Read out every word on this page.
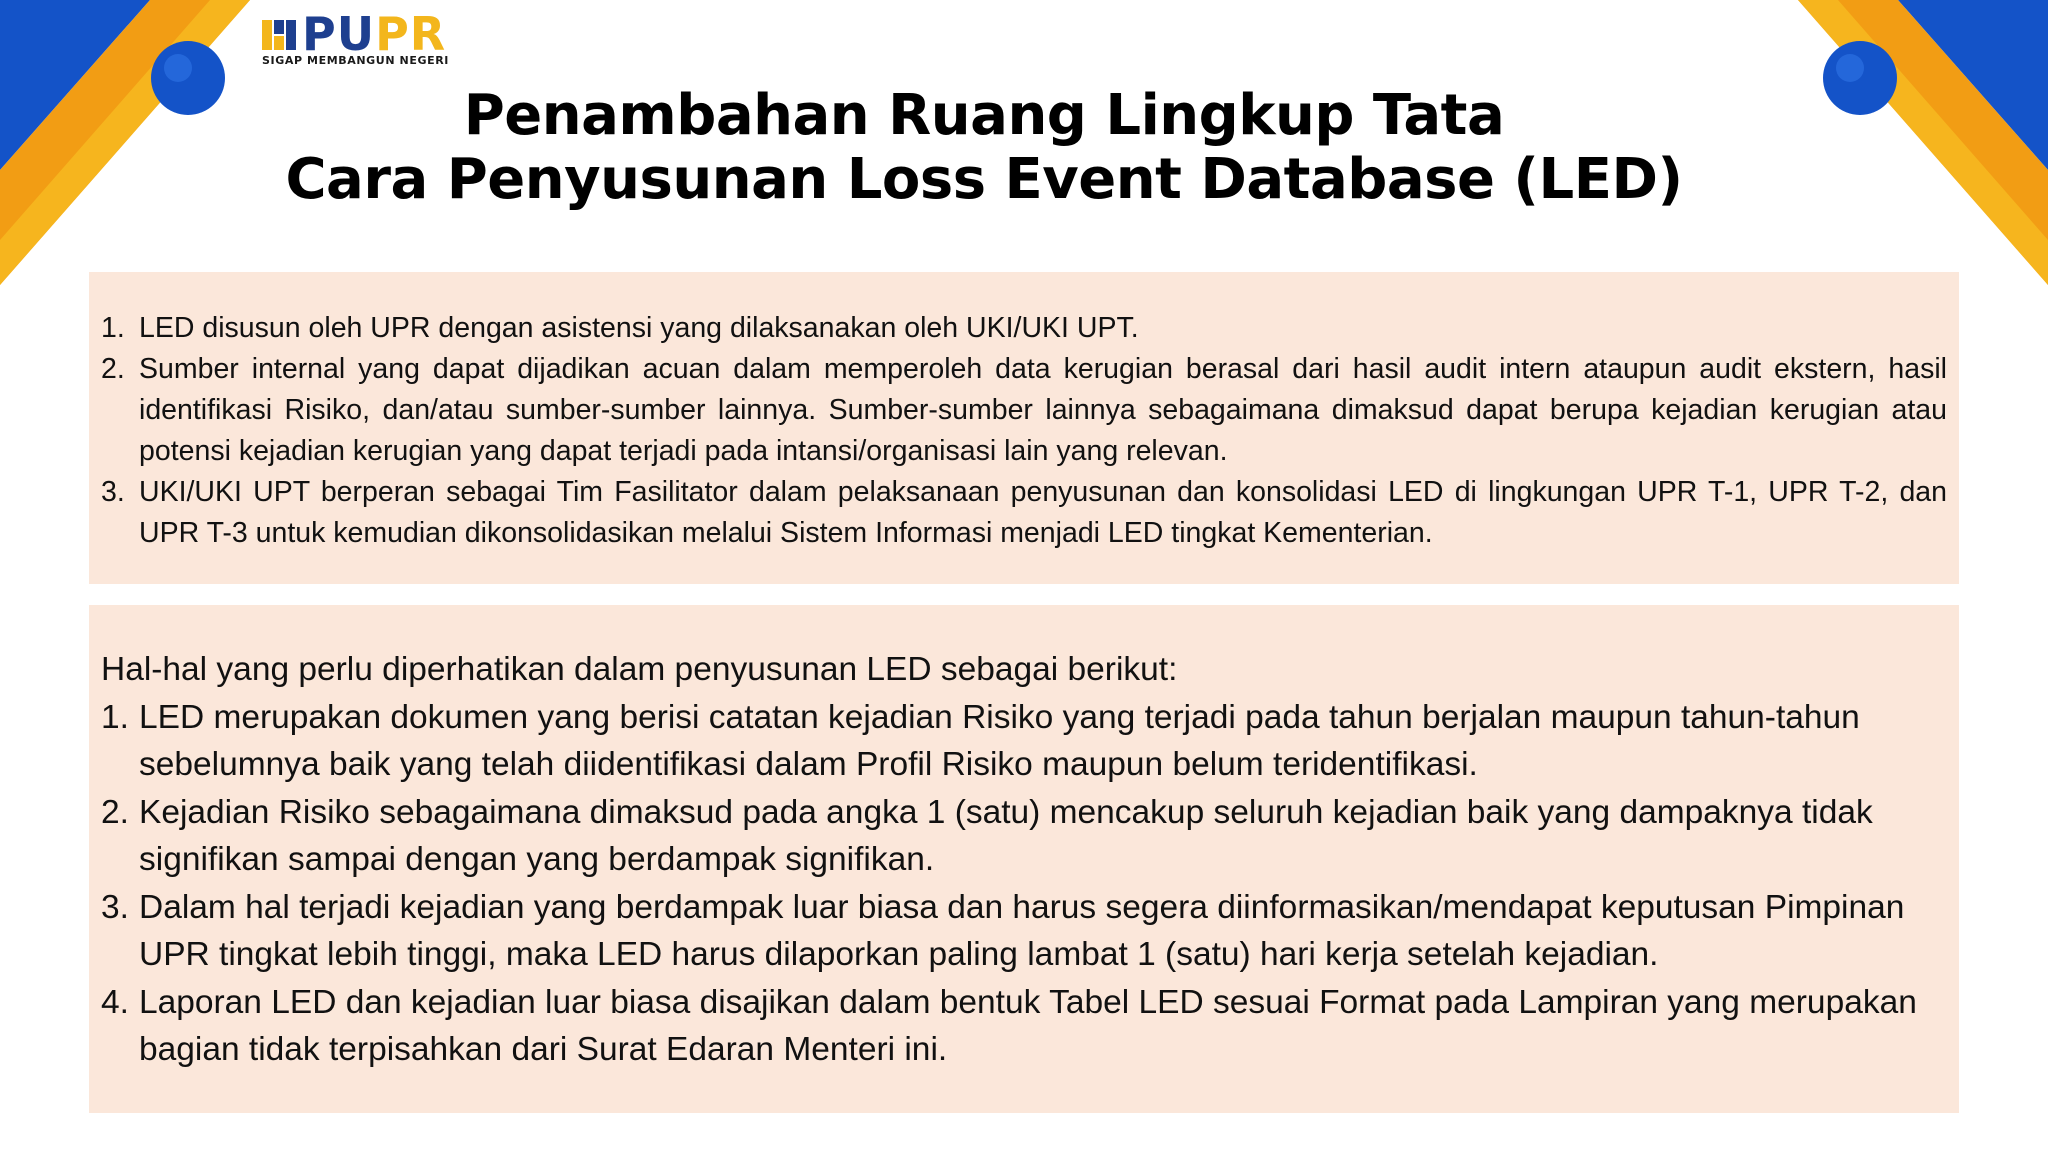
PUPR
SIGAP MEMBANGUN NEGERI
Penambahan Ruang Lingkup Tata
Cara Penyusunan Loss Event Database (LED)
1. LED disusun oleh UPR dengan asistensi yang dilaksanakan oleh UKI/UKI UPT.
2. Sumber internal yang dapat dijadikan acuan dalam memperoleh data kerugian berasal dari hasil audit intern ataupun audit ekstern, hasil identifikasi Risiko, dan/atau sumber-sumber lainnya. Sumber-sumber lainnya sebagaimana dimaksud dapat berupa kejadian kerugian atau potensi kejadian kerugian yang dapat terjadi pada intansi/organisasi lain yang relevan.
3. UKI/UKI UPT berperan sebagai Tim Fasilitator dalam pelaksanaan penyusunan dan konsolidasi LED di lingkungan UPR T-1, UPR T-2, dan UPR T-3 untuk kemudian dikonsolidasikan melalui Sistem Informasi menjadi LED tingkat Kementerian.

Hal-hal yang perlu diperhatikan dalam penyusunan LED sebagai berikut:

1. LED merupakan dokumen yang berisi catatan kejadian Risiko yang terjadi pada tahun berjalan maupun tahun-tahun sebelumnya baik yang telah diidentifikasi dalam Profil Risiko maupun belum teridentifikasi.
2. Kejadian Risiko sebagaimana dimaksud pada angka 1 (satu) mencakup seluruh kejadian baik yang dampaknya tidak signifikan sampai dengan yang berdampak signifikan.
3. Dalam hal terjadi kejadian yang berdampak luar biasa dan harus segera diinformasikan/mendapat keputusan Pimpinan UPR tingkat lebih tinggi, maka LED harus dilaporkan paling lambat 1 (satu) hari kerja setelah kejadian.
4. Laporan LED dan kejadian luar biasa disajikan dalam bentuk Tabel LED sesuai Format pada Lampiran yang merupakan bagian tidak terpisahkan dari Surat Edaran Menteri ini.
